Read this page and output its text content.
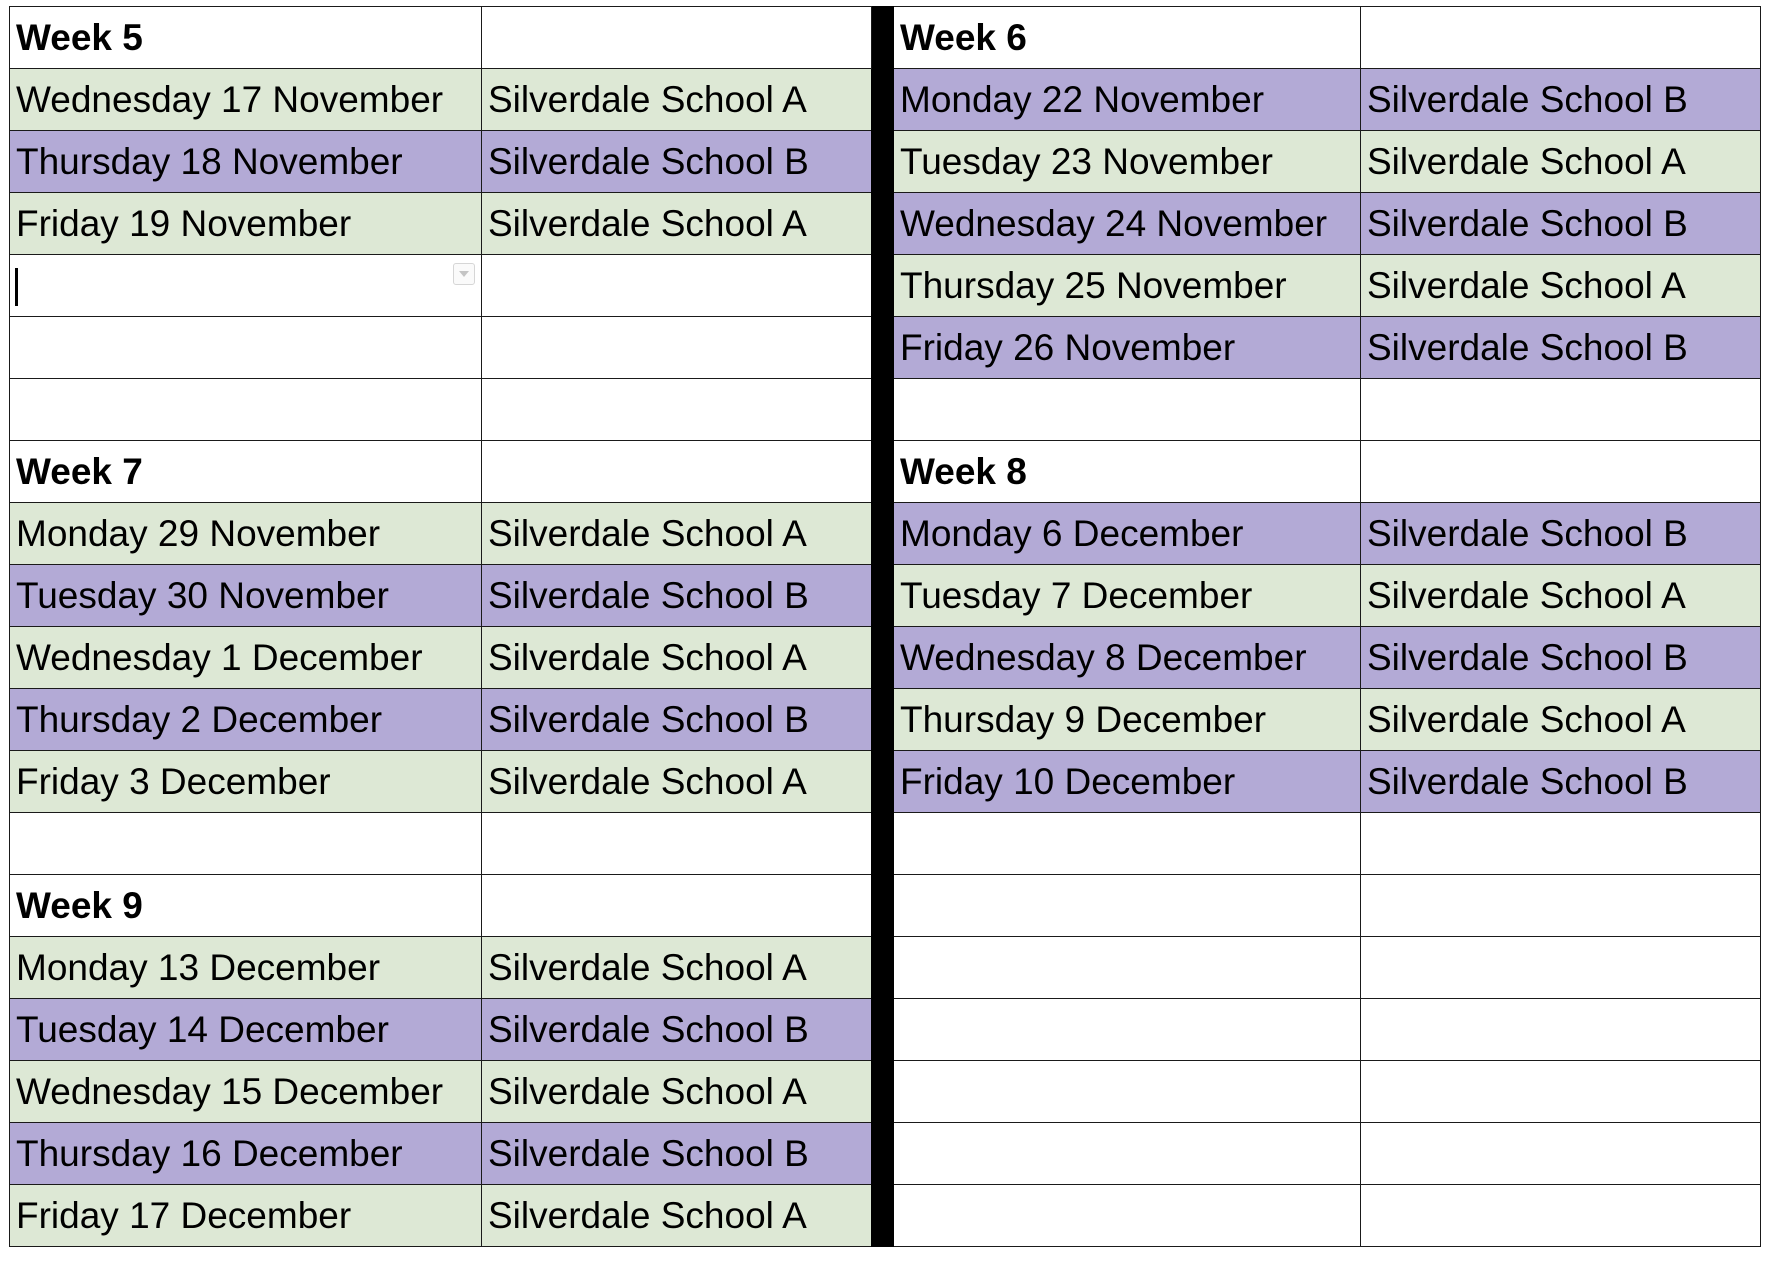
Week 5			Week 6	
Wednesday 17 November	Silverdale School A		Monday 22 November	Silverdale School B
Thursday 18 November	Silverdale School B		Tuesday 23 November	Silverdale School A
Friday 19 November	Silverdale School A		Wednesday 24 November	Silverdale School B

			Thursday 25 November	Silverdale School A
			Friday 26 November	Silverdale School B

Week 7			Week 8	
Monday 29 November	Silverdale School A		Monday 6 December	Silverdale School B
Tuesday 30 November	Silverdale School B		Tuesday 7 December	Silverdale School A
Wednesday 1 December	Silverdale School A		Wednesday 8 December	Silverdale School B
Thursday 2 December	Silverdale School B		Thursday 9 December	Silverdale School A
Friday 3 December	Silverdale School A		Friday 10 December	Silverdale School B

Week 9				
Monday 13 December	Silverdale School A			
Tuesday 14 December	Silverdale School B			
Wednesday 15 December	Silverdale School A			
Thursday 16 December	Silverdale School B			
Friday 17 December	Silverdale School A			
